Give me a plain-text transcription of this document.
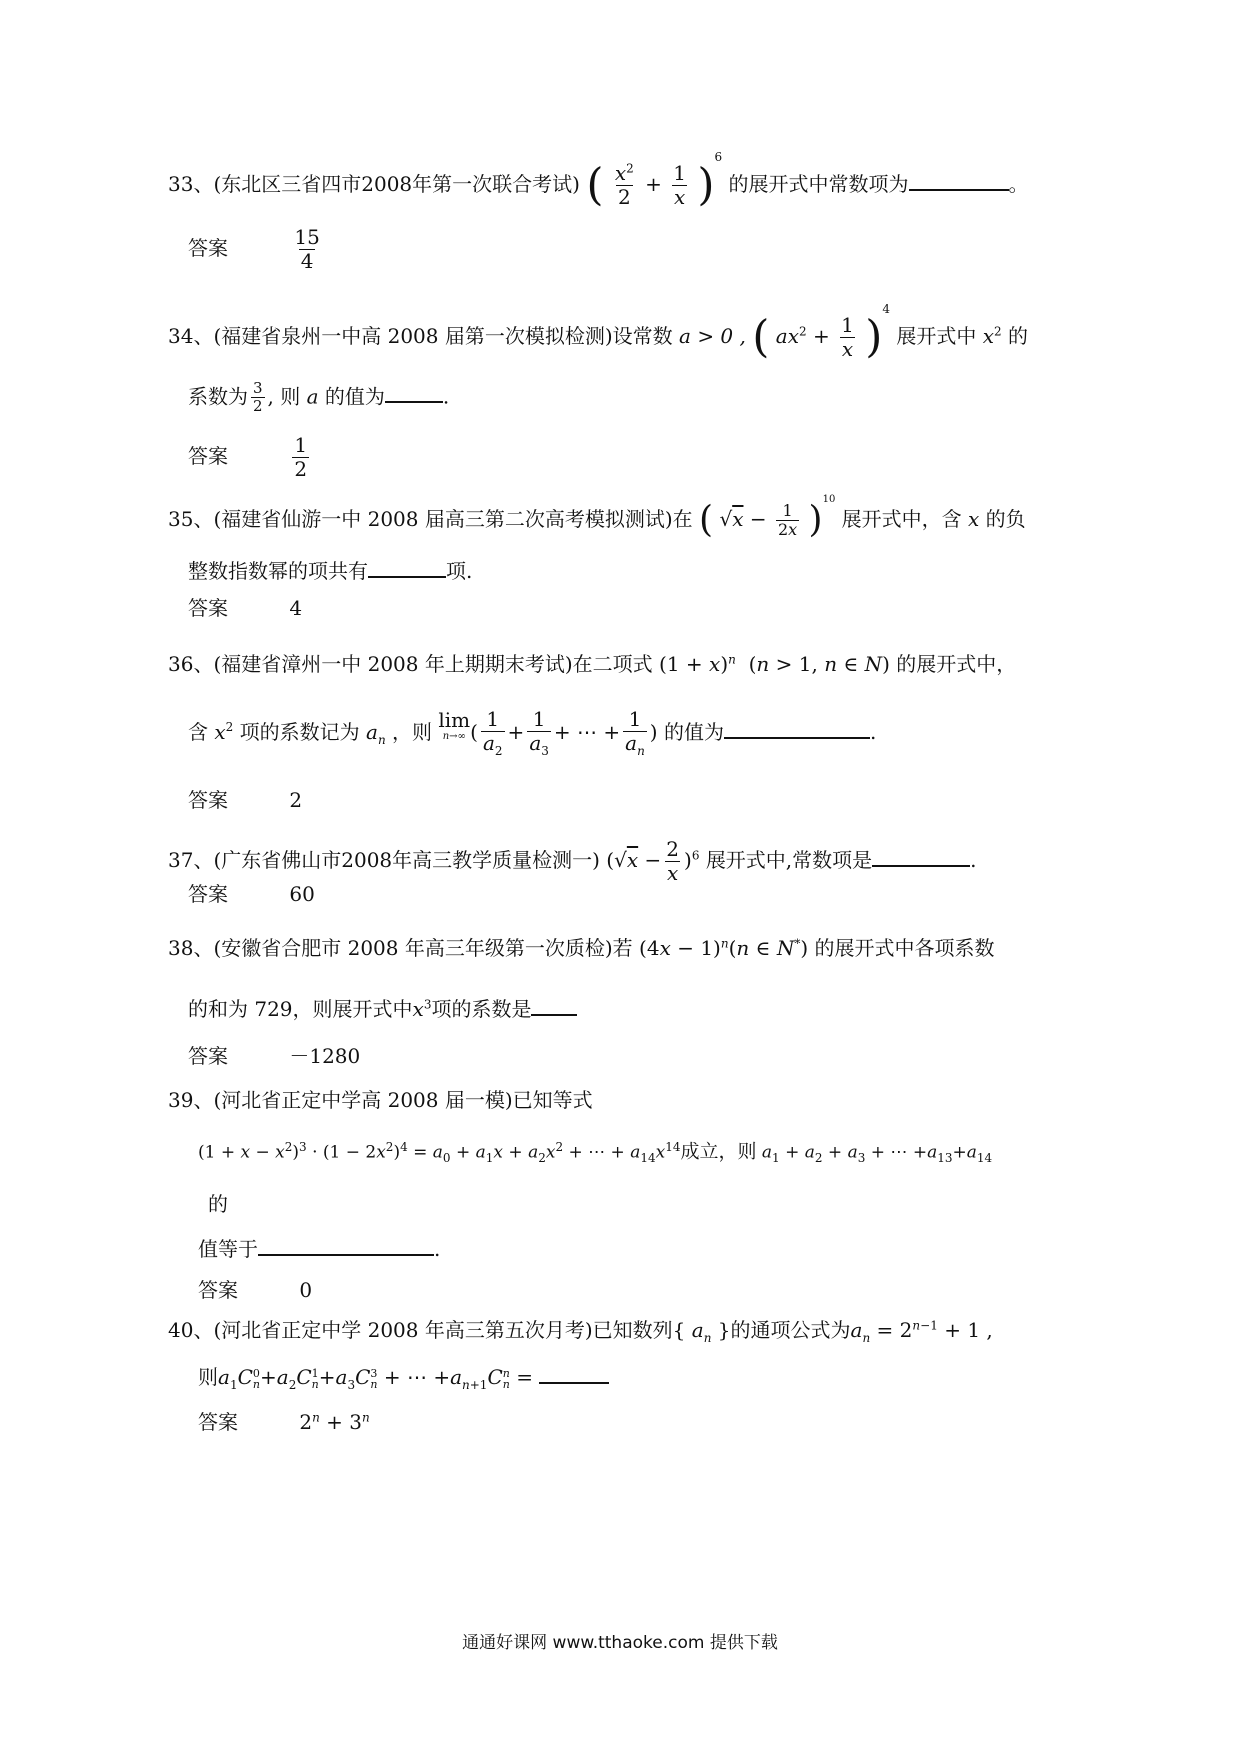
33、(东北区三省四市2008年第一次联合考试) ( $\frac{x^2}{2} + \frac{1}{x} )^6$ 的展开式中常数项为	。
答案	$\frac{15}{4}$
34、(福建省泉州一中高 2008 届第一次模拟检测)设常数 a > 0 , ( $ax^2 + \frac{1}{x} )^4$ 展开式中 $x^2$ 的
系数为 $\frac{3}{2}$ , 则 a 的值为	.
答案	$\frac{1}{2}$
35、(福建省仙游一中 2008 届高三第二次高考模拟测试)在 ( $√x - \frac{1}{2x} )^{10}$ 展开式中，含 x 的负
整数指数幂的项共有	项.
答案	4
36、(福建省漳州一中 2008 年上期期末考试)在二项式 $(1 + x)^n$  (n > 1, n ∈ N) 的展开式中，
含 $x^2$ 项的系数记为 $a_n$ ，则 lim
n→∞ ( $\frac{1}{a_2} + \frac{1}{a_3}$ + ⋯ + $\frac{1}{a_n}$ ) 的值为	.
答案	2
37、(广东省佛山市2008年高三教学质量检测一) $(√x - \frac{2}{x} )^6$ 展开式中,常数项是	.
答案	60
38、(安徽省合肥市 2008 年高三年级第一次质检)若 $(4x - 1)^n(n$ ∈ N*) 的展开式中各项系数
的和为 729，则展开式中$x^3$项的系数是
答案	－1280
39、(河北省正定中学高 2008 届一模)已知等式
$(1 + x - x^2)^3 \cdot (1 - 2x^2)^4 = a_0 + a_1x + a_2x^2$ + ⋯ + $a_{14}x^{14}$成立，则 $a_1 + a_2 + a_3$ + ⋯ $+a_{13}+a_{14}$
的
值等于	.
答案	0
40、(河北省正定中学 2008 年高三第五次月考)已知数列{ $a_n$ }的通项公式为$a_n = 2^{n-1} + 1$ ,
则$a_1C$ 0
$n +a_2C$ 1
$n +a_3C$ 3
n + ⋯ $+a_{n+1}C$ n
n =
答案	$2^n + 3^n$
通通好课网 www.tthaoke.com 提供下载
